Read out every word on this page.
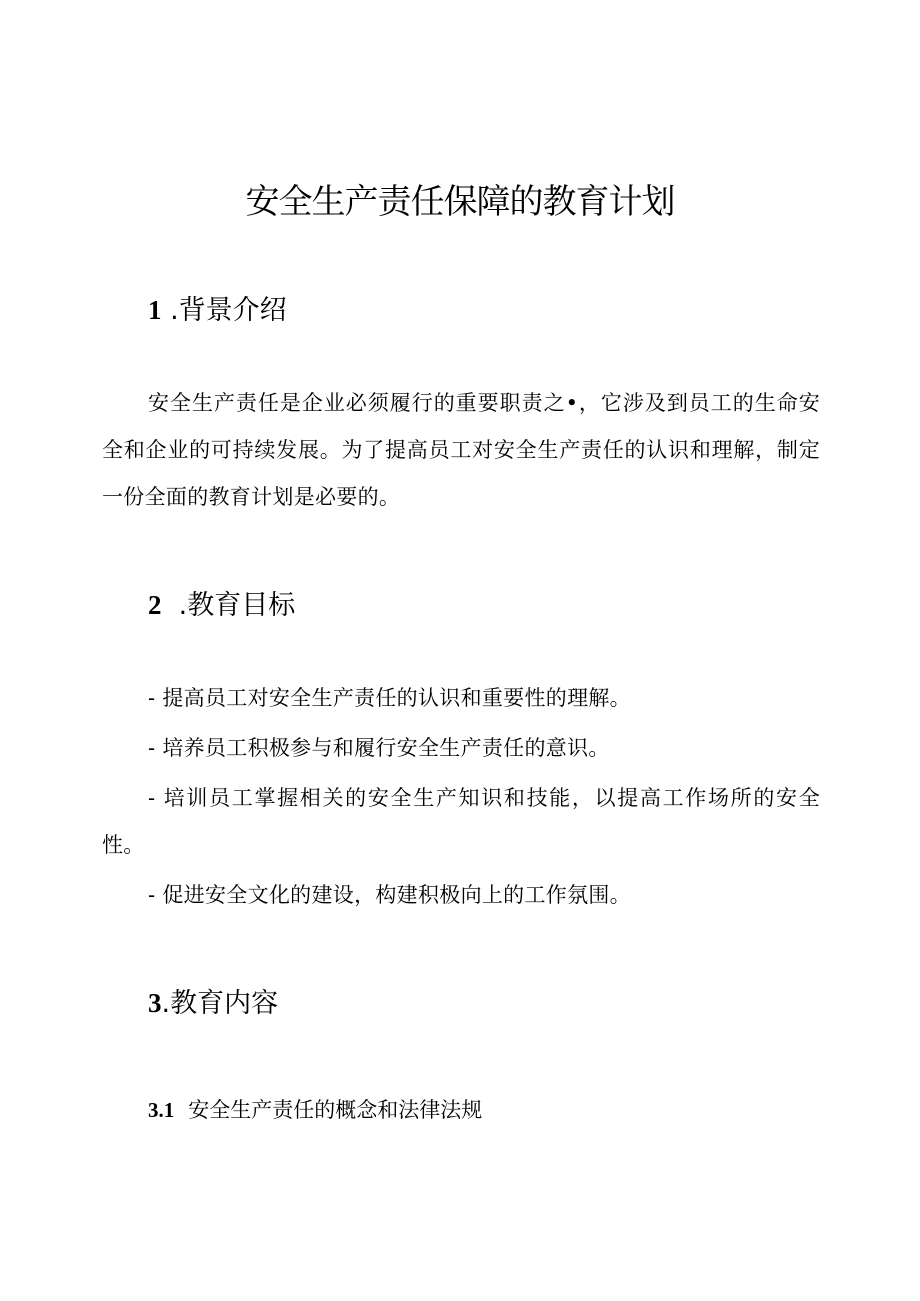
安全生产责任保障的教育计划
1 .背景介绍

安全生产责任是企业必须履行的重要职责之•，它涉及到员工的生命安全和企业的可持续发展。为了提高员工对安全生产责任的认识和理解，制定一份全面的教育计划是必要的。

2  .教育目标

- 提高员工对安全生产责任的认识和重要性的理解。

- 培养员工积极参与和履行安全生产责任的意识。

- 培训员工掌握相关的安全生产知识和技能，以提高工作场所的安全性。

- 促进安全文化的建设，构建积极向上的工作氛围。

3.教育内容
3.1 安全生产责任的概念和法律法规
